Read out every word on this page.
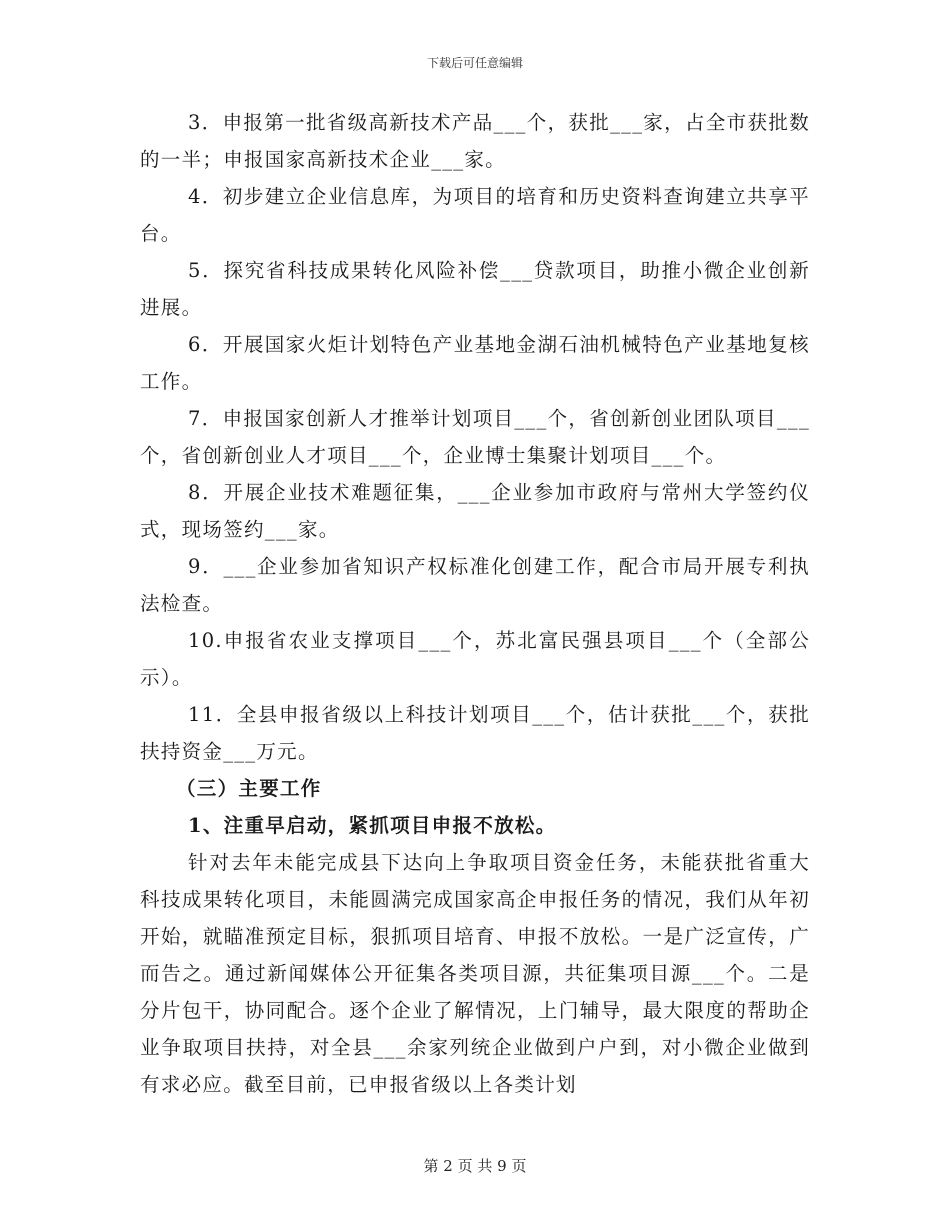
下载后可任意编辑

3．申报第一批省级高新技术产品___个，获批___家，占全市获批数的一半；申报国家高新技术企业___家。

4．初步建立企业信息库，为项目的培育和历史资料查询建立共享平台。

5．探究省科技成果转化风险补偿___贷款项目，助推小微企业创新进展。

6．开展国家火炬计划特色产业基地金湖石油机械特色产业基地复核工作。

7．申报国家创新人才推举计划项目___个，省创新创业团队项目___个，省创新创业人才项目___个，企业博士集聚计划项目___个。

8．开展企业技术难题征集，___企业参加市政府与常州大学签约仪式，现场签约___家。

9．___企业参加省知识产权标准化创建工作，配合市局开展专利执法检查。

10.申报省农业支撑项目___个，苏北富民强县项目___个（全部公示）。

11．全县申报省级以上科技计划项目___个，估计获批___个，获批扶持资金___万元。

（三）主要工作

1、注重早启动，紧抓项目申报不放松。

针对去年未能完成县下达向上争取项目资金任务，未能获批省重大科技成果转化项目，未能圆满完成国家高企申报任务的情况，我们从年初开始，就瞄准预定目标，狠抓项目培育、申报不放松。一是广泛宣传，广而告之。通过新闻媒体公开征集各类项目源，共征集项目源___个。二是分片包干，协同配合。逐个企业了解情况，上门辅导，最大限度的帮助企业争取项目扶持，对全县___余家列统企业做到户户到，对小微企业做到有求必应。截至目前，已申报省级以上各类计划

第 2 页 共 9 页
